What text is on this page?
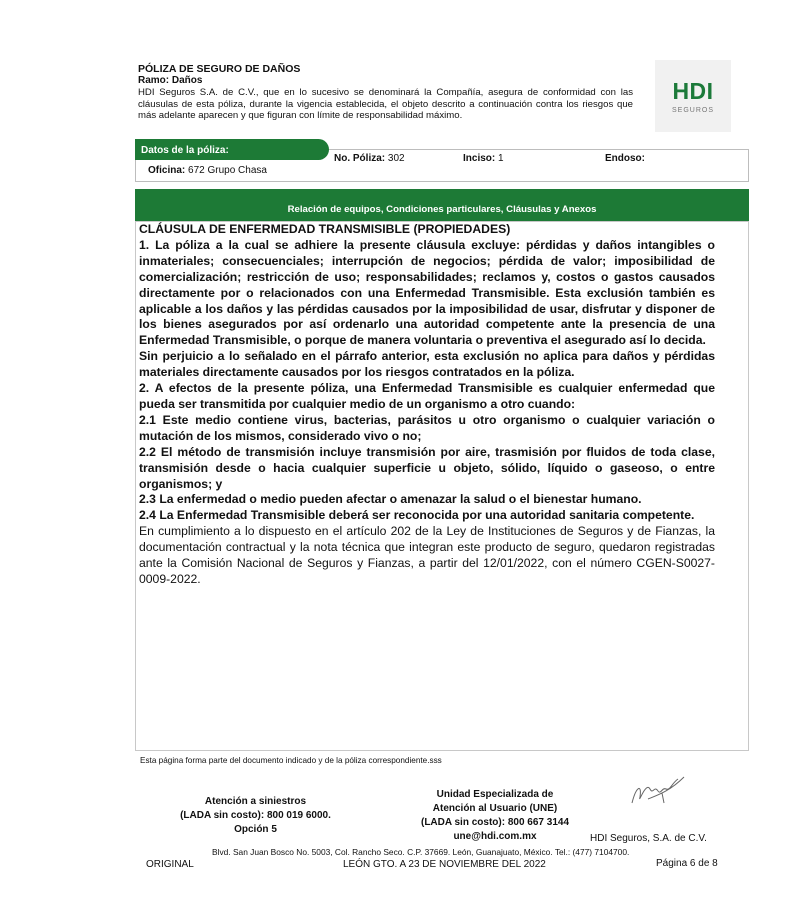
PÓLIZA DE SEGURO DE DAÑOS
Ramo: Daños
HDI Seguros S.A. de C.V., que en lo sucesivo se denominará la Compañía, asegura de conformidad con las cláusulas de esta póliza, durante la vigencia establecida, el objeto descrito a continuación contra los riesgos que más adelante aparecen y que figuran con límite de responsabilidad máximo.
HDI
SEGUROS
Datos de la póliza:
No. Póliza: 302	Inciso: 1	Endoso:
Oficina: 672 Grupo Chasa
Relación de equipos, Condiciones particulares, Cláusulas y Anexos

CLÁUSULA DE ENFERMEDAD TRANSMISIBLE (PROPIEDADES)

1. La póliza a la cual se adhiere la presente cláusula excluye: pérdidas y daños intangibles o inmateriales; consecuenciales; interrupción de negocios; pérdida de valor; imposibilidad de comercialización; restricción de uso; responsabilidades; reclamos y, costos o gastos causados directamente por o relacionados con una Enfermedad Transmisible. Esta exclusión también es aplicable a los daños y las pérdidas causados por la imposibilidad de usar, disfrutar y disponer de los bienes asegurados por así ordenarlo una autoridad competente ante la presencia de una Enfermedad Transmisible, o porque de manera voluntaria o preventiva el asegurado así lo decida.

Sin perjuicio a lo señalado en el párrafo anterior, esta exclusión no aplica para daños y pérdidas materiales directamente causados por los riesgos contratados en la póliza.

2. A efectos de la presente póliza, una Enfermedad Transmisible es cualquier enfermedad que pueda ser transmitida por cualquier medio de un organismo a otro cuando:

2.1 Este medio contiene virus, bacterias, parásitos u otro organismo o cualquier variación o mutación de los mismos, considerado vivo o no;

2.2 El método de transmisión incluye transmisión por aire, trasmisión por fluidos de toda clase, transmisión desde o hacia cualquier superficie u objeto, sólido, líquido o gaseoso, o entre organismos; y

2.3 La enfermedad o medio pueden afectar o amenazar la salud o el bienestar humano.

2.4 La Enfermedad Transmisible deberá ser reconocida por una autoridad sanitaria competente.

En cumplimiento a lo dispuesto en el artículo 202 de la Ley de Instituciones de Seguros y de Fianzas, la documentación contractual y la nota técnica que integran este producto de seguro, quedaron registradas ante la Comisión Nacional de Seguros y Fianzas, a partir del 12/01/2022, con el número CGEN-S0027-0009-2022.

Esta página forma parte del documento indicado y de la póliza correspondiente.sss
Atención a siniestros
(LADA sin costo): 800 019 6000.
Opción 5
Unidad Especializada de
Atención al Usuario (UNE)
(LADA sin costo): 800 667 3144
une@hdi.com.mx	HDI Seguros, S.A. de C.V.
Blvd. San Juan Bosco No. 5003, Col. Rancho Seco. C.P. 37669. León, Guanajuato, México. Tel.: (477) 7104700.
ORIGINAL	LEÓN GTO. A 23 DE NOVIEMBRE DEL 2022	Página 6 de 8
